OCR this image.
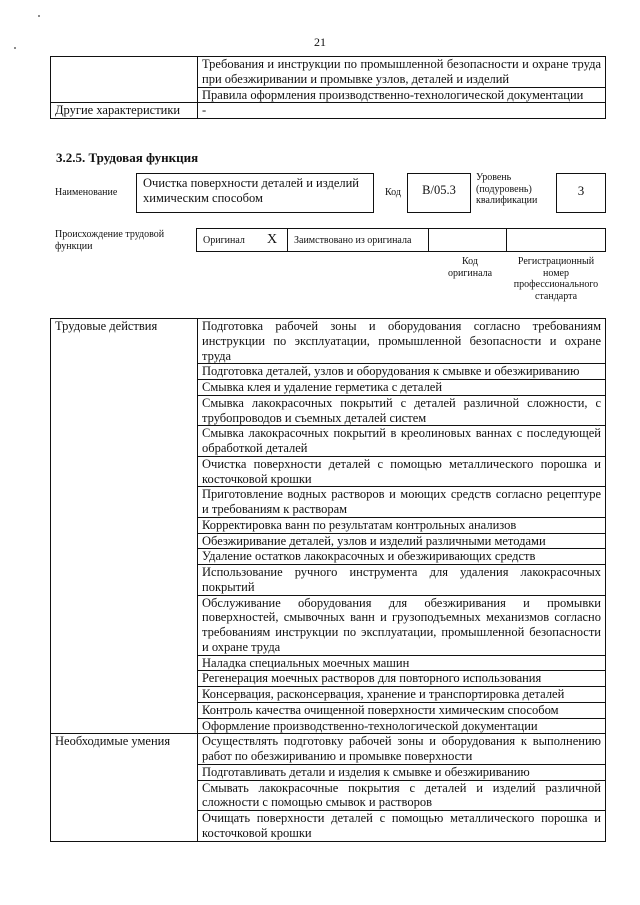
21

	Требования и инструкции по промышленной безопасности и охране труда при обезжиривании и промывке узлов, деталей и изделий
Правила оформления производственно-технологической документации

Другие характеристики	-
3.2.5. Трудовая функция
Наименование
Очистка поверхности деталей и изделий химическим способом	Код	B/05.3
Уровень (подуровень) квалификации
3
Происхождение трудовой функции	Оригинал X Заимствовано из оригинала
Код оригинала
Регистрационный номер профессионального стандарта
Трудовые действия	Подготовка рабочей зоны и оборудования согласно требованиям инструкции по эксплуатации, промышленной безопасности и охране труда
	Подготовка деталей, узлов и оборудования к смывке и обезжириванию
	Смывка клея и удаление герметика с деталей
	Смывка лакокрасочных покрытий с деталей различной сложности, с трубопроводов и съемных деталей систем
	Смывка лакокрасочных покрытий в креолиновых ваннах с последующей обработкой деталей
	Очистка поверхности деталей с помощью металлического порошка и косточковой крошки
	Приготовление водных растворов и моющих средств согласно рецептуре и требованиям к растворам
	Корректировка ванн по результатам контрольных анализов
	Обезжиривание деталей, узлов и изделий различными методами
	Удаление остатков лакокрасочных и обезжиривающих средств
	Использование ручного инструмента для удаления лакокрасочных покрытий
	Обслуживание оборудования для обезжиривания и промывки поверхностей, смывочных ванн и грузоподъемных механизмов согласно требованиям инструкции по эксплуатации, промышленной безопасности и охране труда
	Наладка специальных моечных машин
	Регенерация моечных растворов для повторного использования
	Консервация, расконсервация, хранение и транспортировка деталей
	Контроль качества очищенной поверхности химическим способом
	Оформление производственно-технологической документации
Необходимые умения	Осуществлять подготовку рабочей зоны и оборудования к выполнению работ по обезжириванию и промывке поверхности
	Подготавливать детали и изделия к смывке и обезжириванию
	Смывать лакокрасочные покрытия с деталей и изделий различной сложности с помощью смывок и растворов
	Очищать поверхности деталей с помощью металлического порошка и косточковой крошки
